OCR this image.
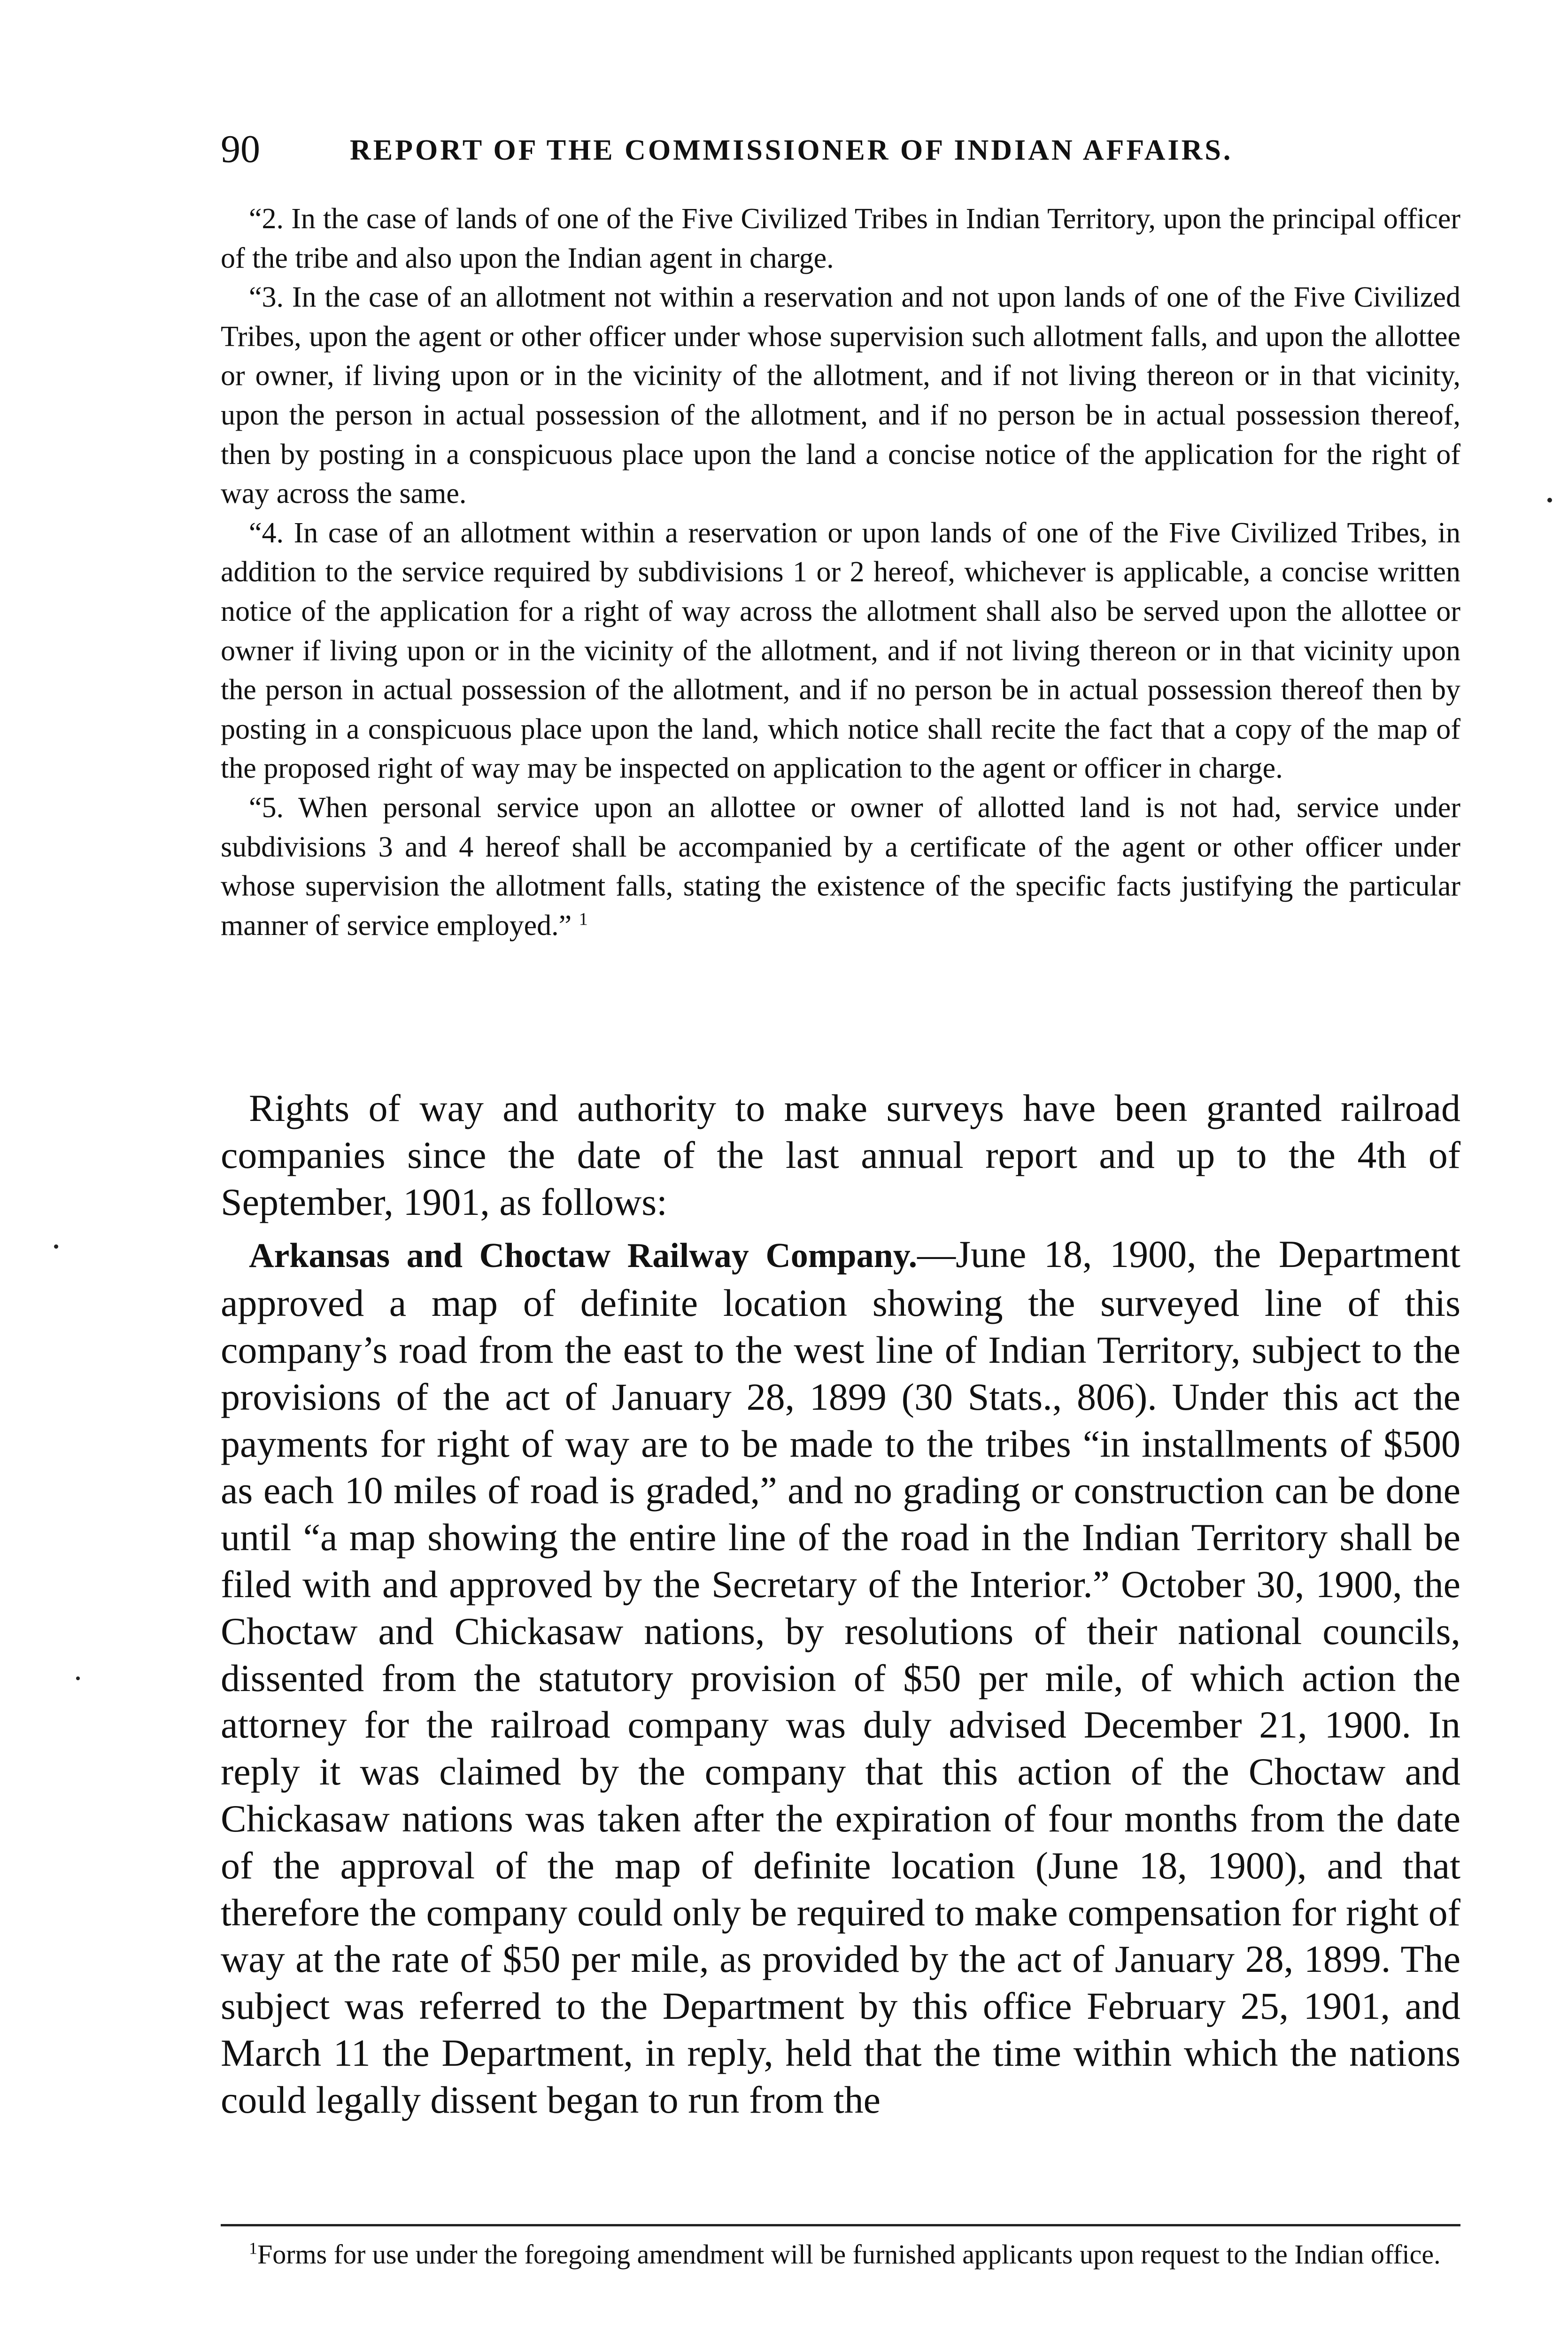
90	REPORT OF THE COMMISSIONER OF INDIAN AFFAIRS.

“2. In the case of lands of one of the Five Civilized Tribes in Indian Territory, upon the principal officer of the tribe and also upon the Indian agent in charge.

“3. In the case of an allotment not within a reservation and not upon lands of one of the Five Civilized Tribes, upon the agent or other officer under whose supervision such allotment falls, and upon the allottee or owner, if living upon or in the vicinity of the allotment, and if not living thereon or in that vicinity, upon the person in actual possession of the allotment, and if no person be in actual possession thereof, then by posting in a conspicuous place upon the land a concise notice of the application for the right of way across the same.

“4. In case of an allotment within a reservation or upon lands of one of the Five Civilized Tribes, in addition to the service required by subdivisions 1 or 2 hereof, whichever is applicable, a concise written notice of the application for a right of way across the allotment shall also be served upon the allottee or owner if living upon or in the vicinity of the allotment, and if not living thereon or in that vicinity upon the person in actual possession of the allotment, and if no person be in actual possession thereof then by posting in a conspicuous place upon the land, which notice shall recite the fact that a copy of the map of the proposed right of way may be inspected on application to the agent or officer in charge.

“5. When personal service upon an allottee or owner of allotted land is not had, service under subdivisions 3 and 4 hereof shall be accompanied by a certificate of the agent or other officer under whose supervision the allotment falls, stating the existence of the specific facts justifying the particular manner of service employed.” $^1$

Rights of way and authority to make surveys have been granted railroad companies since the date of the last annual report and up to the 4th of September, 1901, as follows:

Arkansas and Choctaw Railway Company.—June 18, 1900, the Department approved a map of definite location showing the surveyed line of this company’s road from the east to the west line of Indian Territory, subject to the provisions of the act of January 28, 1899 (30 Stats., 806). Under this act the payments for right of way are to be made to the tribes “in installments of $500 as each 10 miles of road is graded,” and no grading or construction can be done until “a map showing the entire line of the road in the Indian Territory shall be filed with and approved by the Secretary of the Interior.” October 30, 1900, the Choctaw and Chickasaw nations, by resolutions of their national councils, dissented from the statutory provision of $50 per mile, of which action the attorney for the railroad company was duly advised December 21, 1900. In reply it was claimed by the company that this action of the Choctaw and Chickasaw nations was taken after the expiration of four months from the date of the approval of the map of definite location (June 18, 1900), and that therefore the company could only be required to make compensation for right of way at the rate of $50 per mile, as provided by the act of January 28, 1899. The subject was referred to the Department by this office February 25, 1901, and March 11 the Department, in reply, held that the time within which the nations could legally dissent began to run from the

$^1$Forms for use under the foregoing amendment will be furnished applicants upon request to the Indian office.
